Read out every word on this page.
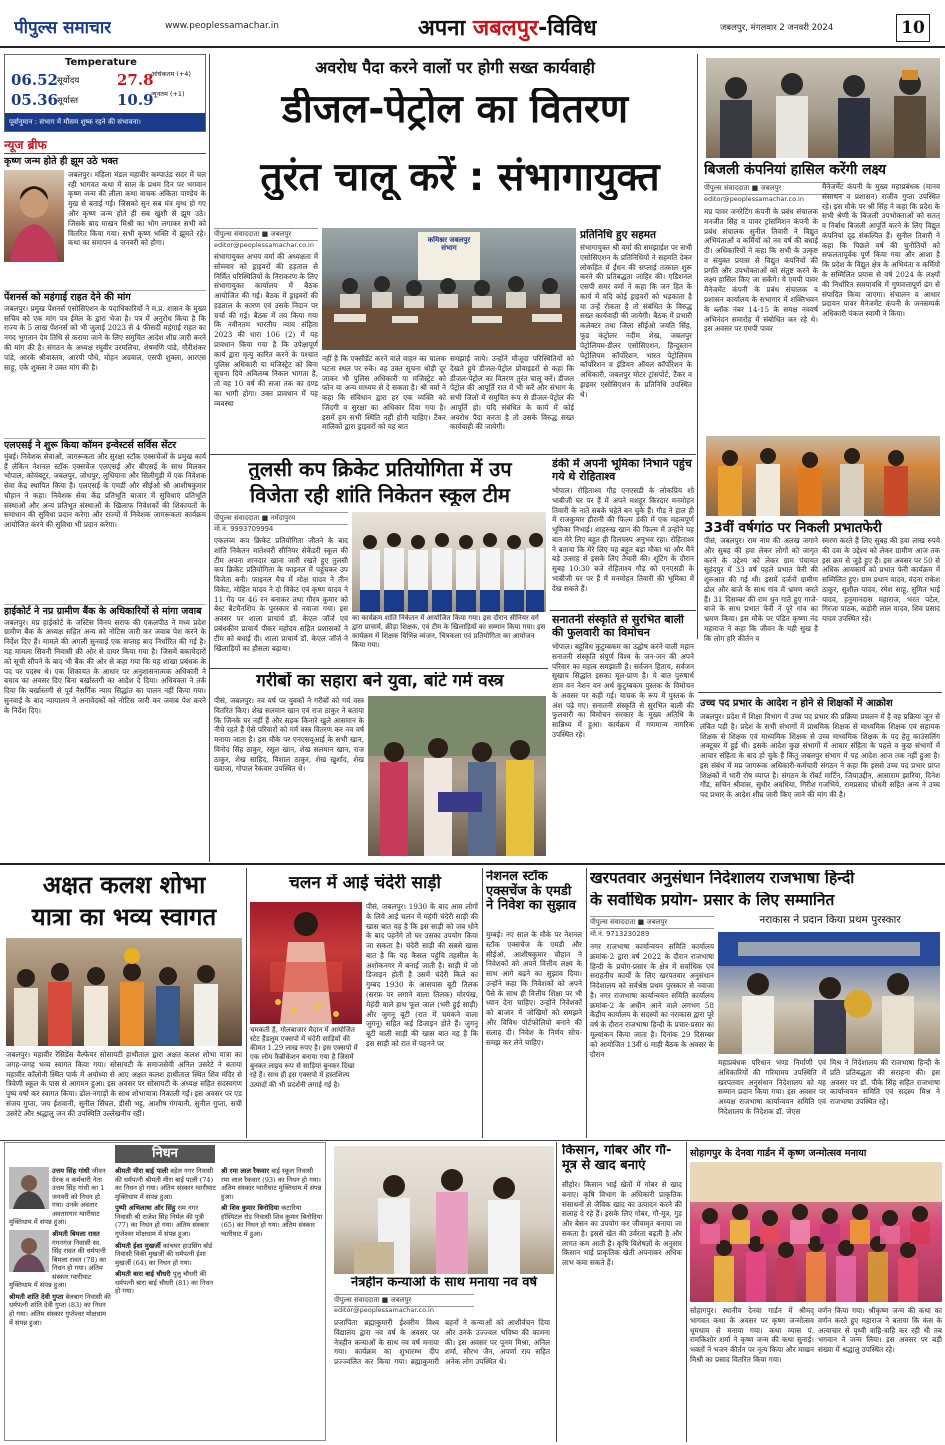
पीपुल्स समाचार	www.peoplessamachar.in	अपना जबलपुर-विविध	जबलपुर, मंगलवार 2 जनवरी 2024	10
Temperature
06.52 सूर्योदय
05.36 सूर्यास्त
27.8
अधिकतम (+4)
10.9
न्यूनतम (+1)
पूर्वानुमान : संभाग में मौसम शुष्क रहने की संभावना।
न्यूज ब्रीफ
कृष्ण जन्म होते ही झूम उठे भक्त
जबलपुर। महिला मंडल महावीर कम्पाउंड सदर में चल रही भागवत कथा में साल के प्रथम दिन पर भगवान कृष्ण जन्म की लीला कथा वाचक अंकिता पाण्डेय के मुख से बताई गई। जिसको सुन सब मंत्र मुग्ध हो गए और कृष्ण जन्म होते ही सब खुशी से झूम उठे। जिसके बाद माखन मिश्री का भोग लगाकर सभी को वितरित किया गया। सभी कृष्ण भक्ति में झूमते रहे। कथा का समापन 4 जनवरी को होगा।
पेंशनर्स को महंगाई राहत देने की मांग
जबलपुर। प्रमुख पेंशनर्स एसोसिएशन के पदाधिकारियों ने म.प्र. शासन के मुख्य सचिव को एक मांग पत्र ईमेल के द्वारा भेजा है। पत्र में अनुरोध किया है कि राज्य के 5 लाख पेंशनर्स को भी जुलाई 2023 से 4 फीसदी महंगाई राहत का नगद भुगतान देय तिथि से कराया जाने के लिए समुचित आदेश शीघ्र जारी करने की मांग की है। संगठन के अध्यक्ष रघुवीर उरमलिया, शेषमणि पांडे, गौरीशंकर पांडे, आरके श्रीवास्तव, आरपी पौधे, मोहन अग्रवाल, एसपी शुक्ला, आरएस साहू, एके शुक्ला ने उक्त मांग की है।
एलएसई ने शुरू किया कॉमन इन्वेस्टर्स सर्विस सेंटर
मुंबई। निवेशक सेवाओं, जागरूकता और सुरक्षा स्टॉक एक्सचेंजों के प्रमुख कार्य हैं लेकिन नेशनल स्टॉक एक्सचेंज एलएसई और बीएसई के साथ मिलकर भोपाल, कोयंबटूर, जबलपुर, जोधपुर, लुधियाना और सिलीगुड़ी में एक निवेशक सेवा केंद्र स्थापित किया है। एलएसई के एमडी और सीईओ श्री आशीषकुमार चौहान ने कहा। निवेशक सेवा केंद्र प्रतिभूति बाजार में सुविधाएं प्रतिभूति संस्थाओं और अन्य प्रतिभूत संस्थाओं के खिलाफ निवेशकों की शिकायतों के समाधान की सुविधा प्रदान करेगा और राज्यों में निवेशक जागरूकता कार्यक्रम आयोजित करने की सुविधा भी प्रदान करेगा।
हाईकोर्ट ने नप्र ग्रामीण बैंक के अधिकारियों से मांगा जवाब
जबलपुर। मप्र हाईकोर्ट के जस्टिस विनय सराफ की एकलपीठ ने मध्य प्रदेश ग्रामीण बैंक के अध्यक्ष सहित अन्य को नोटिस जारी कर जवाब पेश करने के निर्देश दिए हैं। मामले की अगली सुनवाई एक सप्ताह बाद निर्धारित की गई है। यह मामला सिवनी निवासी की ओर से दायर किया गया है। जिसमें बकायेदारों को सूची सौंपने के बाद भी बैंक की ओर से कहा गया कि यह शाखा प्रबंधक के पद पर पदस्थ थे। एक शिकायत के आधार पर अनुशासनात्मक अधिकारी ने बचाव का अवसर दिए बिना बर्खास्तगी का आदेश दे दिया। अधिवक्ता ने तर्क दिया कि बर्खास्तगी से पूर्व नैसर्गिक न्याय सिद्धांत का पालन नहीं किया गया। सुनवाई के बाद न्यायालय ने अनावेदकों को नोटिस जारी कर जवाब पेश करने के निर्देश दिए।
अवरोध पैदा करने वालों पर होगी सख्त कार्यवाही
डीजल-पेट्रोल का वितरण
तुरंत चालू करें : संभागायुक्त
पीपुल्स संवाददाता ■ जबलपुर
editor@peoplessamachar.co.in
कमिश्नर जबलपुर संभाग
संभागायुक्त अभय वर्मा की अध्यक्षता में सोमवार को ड्राइवरों की हड़ताल से निर्मित परिस्थितियों के निराकरण के लिए संभागायुक्त कार्यालय में बैठक आयोजित की गई। बैठक में ड्राइवरों की हड़ताल के कारण एवं उसके निदान पर चर्चा की गई। बैठक में तय किया गया कि नवीनतम भारतीय न्याय संहिता 2023 की धारा 106 (2) में यह प्रावधान किया गया है कि उपेक्षापूर्ण कार्य द्वारा मृत्यु कारित करने के पश्चात पुलिस अधिकारी या मजिस्ट्रेट को बिना सूचना दिये अविलम्ब निकल भागता है, तो वह 10 वर्ष की सजा तक का दण्ड का भागी होगा। उक्त प्रावधान में यह व्यवस्था
नहीं है कि एक्सीडेंट करने वाले वाहन का चालक घटना स्थल पर रुके। वह उक्त सूचना थोड़ी दूर जाकर भी पुलिस अधिकारी या मजिस्ट्रेट को फोन या अन्य माध्यम से दे सकता है। श्री वर्मा ने कहा कि संविधान द्वारा हर एक व्यक्ति को जिंदगी व सुरक्षा का अधिकार दिया गया है। इसमें हम सभी स्थिति नहीं होनी चाहिए। टैंकर मालिकों द्वारा ड्राइवरों को यह बात
समझाई जाये। उन्होंने मौजूदा परिस्थितियों को देखते हुये डीजल-पेट्रोल प्रोवाइडरों से कहा कि डीजल-पेट्रोल का वितरण तुरंत चालू करें। डीजल पेट्रोल की आपूर्ति रात में भी करें और संभाग के सभी जिलों में समुचित रूप से डीजल-पेट्रोल की आपूर्ति हो। यदि संबंधित के कार्य में कोई अवरोध पैदा करता है तो उसके विरुद्ध सख्त कार्यवाही की जायेगी।
प्रतिनिधि हुए सहमत
संभागायुक्त श्री वर्मा की समझाईश पर सभी एसोसिएशन के प्रतिनिधियों ने सहमति देकर लोकहित में ईंधन की सप्लाई तत्काल शुरू करने की प्रतिबद्धता जाहिर की। एडिशनल एसपी समर वर्मा ने कहा कि जन हित के कार्य में यदि कोई ड्राइवरों को भड़काता है या उन्हें रोकता है तो संबंधित के विरुद्ध सख्त कार्यवाही की जायेगी। बैठक में प्रभारी कलेक्टर तथा जिला सीईओ जयति सिंह, फूड कंट्रोलर नदीम शेख, जबलपुर पेट्रोलियम-डीलर एसोसिएशन, हिन्दुस्तान पेट्रोलियम कॉर्पोरेशन, भारत पेट्रोलियम कॉर्पोरेशन व इंडियन ऑयल कॉर्पोरेशन के अधिकारी, जबलपुर मोटर ट्रांसपोर्ट, टैंकर व ड्राइवर एसोसिएशन के प्रतिनिधि उपस्थित थे।
बिजली कंपनियां हासिल करेंगी लक्ष्य
पीपुल्स संवाददाता ■ जबलपुर
editor@peoplessamachar.co.in
मप्र पावर जनरेटिंग कंपनी के प्रबंध संचालक मनजीत सिंह व पावर ट्रांसमिशन कंपनी के प्रबंध संचालक सुनील तिवारी ने विद्युत अभियंताओं व कर्मियों को नव वर्ष की बधाई दी। अधिकारियों ने कहा कि सभी के उत्कृष्ट व संयुक्त प्रयास से विद्युत कंपनियों की प्रगति और उपभोक्ताओं को संतुष्ट करने के लक्ष्य हासिल किए जा सकेंगे। ये एमपी पावर मैनेजमेंट कंपनी के प्रबंध संचालक व प्रशासन कार्यालय के सभागार में शक्तिभवन के ब्लॉक नंबर 14-15 के समक्ष नववर्ष अभिनंदन समारोह में संबोधित कर रहे थे। इस अवसर पर एमपी पावर
मैनेजमेंट कंपनी के मुख्य महाप्रबंधक (मानव संसाधन व प्रशासन) राजीव गुप्ता उपस्थित रहे। इस मौके पर श्री सिंह ने कहा कि प्रदेश के सभी श्रेणी के बिजली उपभोक्ताओं को सतत् व निर्बाध बिजली आपूर्ति करने के लिए विद्युत कंपनियां दृढ़ संकल्पित हैं। सुनील तिवारी ने कहा कि पिछले वर्ष की चुनौतियों को सफलतापूर्वक पूर्ण किया गया और आशा है कि प्रदेश के विद्युत क्षेत्र के अभियंता व कर्मियों के सम्मिलित प्रयास से वर्ष 2024 के लक्ष्यों की निर्धारित समयावधि में गुणवत्तापूर्ण ढंग से संपादित किया जाएगा। संचालन व आधार प्रदायन पावर मैनेजमेंट कंपनी के जनसम्पर्क अधिकारी पंकज स्वामी ने किया।
33वीं वर्षगांठ पर निकली प्रभातफेरी
पीसं, जबलपुर। राम नाम की अलख जगाने और सुबह की हवा लेकर लोगों को जागृत करने के उद्देश्य को लेकर ग्राम पंचायत सुहंदपुर में 33 वर्ष पहले प्रभात फेरी की शुरुआत की गई थी। इसमें दर्जनों ग्रामीण ढोल और बाजे के साथ गांव में भ्रमण करते हैं। 31 दिसम्बर की राम धुन गाते हुए गाजे-बाजे के साथ प्रभात फेरी ने पूरे गांव का भ्रमण किया। इस मौके पर पंडित कृष्णा नंद महाराज ने कहा कि जीवन के यही सुख है कि लोग हरि कीर्तन व
स्मरण करते हैं लिए सुबह की हवा लाख रुपये की दवा के उद्देश्य को लेकर ग्रामीण आज तक इस क्रम से जुड़े हुए हैं। इस अवसर पर 50 से अधिक आयकार्य को प्रभात फेरी कार्यक्रम में सम्मिलित हुए। ग्राम प्रधान यादव, वंदना राकेश ठाकुर, सुशील यादव, रमेश साहू, सुमित भाई यादव, हनुमानदास महाराज, भरत पटेल, गिरजा पाठक, कड़ोरी लाल यादव, शिव प्रसाद यादव उपस्थित रहे।
तुलसी कप क्रिकेट प्रतियोगिता में उप
विजेता रही शांति निकेतन स्कूल टीम
पीपुल्स संवाददाता ■ नर्मदापुरम
मो.नं. 9993709994
एकलव्य कप क्रिकेट प्रतियोगिता जीतने के बाद शांति निकेतन मातेश्वरी सीनियर सेकेंडरी स्कूल की टीम अपना शानदार खाना जारी रखते हुए तुलसी कप क्रिकेट प्रतियोगिता के फाइनल में पहुंचकर उप विजेता बनी। फाइनल मैच में मोक्ष यादव ने तीन विकेट, मोहित यादव ने दो विकेट एवं कृष्ण यादव ने 11 गेंद पर 46 रन बनाकर तथा गौरव कुमार को बेस्ट बैटमैनशिप के पुरस्कार से नवाजा गया। इस अवसर पर शाला प्राचार्य डॉ. केएल जॉर्ज एवं प्रबंधकीय प्राचार्य पीकर महोदय सहित प्रशासकों ने टीम को बधाई दी। शाला प्राचार्य डॉ. केएल जॉर्ज ने खिलाड़ियों का हौसला बढ़ाया।
का कार्यक्रम शांति निकेतन में आयोजित किया गया। इस दौरान सीनियर वर्ग द्वारा प्राचार्य, क्रीड़ा शिक्षक, एवं टीम के खिलाड़ियों का सम्मान किया गया। इस कार्यक्रम में शिक्षक विभिन्न व्यंजन, चित्रकला एवं प्रतियोगिता का आयोजन किया गया।
डंकी में अपनी भूमिका निभाने पहुंच गये थे रोहिताश्व
भोपाल। रोहिताश्व गौड़ एनएसडी के लोकप्रिय शो भाबीजी घर पर हैं में अपने मशहूर किरदार मनमोहन तिवारी के नाते सबके चहेते बन चुके हैं। गौड़ ने हाल ही में राजकुमार हीरानी की फिल्म डंकी में एक महत्वपूर्ण भूमिका निभाई। शाहरुख खान की फिल्म में उन्होंने यह बात मेरे लिए बहुत ही दिलचस्प अनुभव रहा। रोहिताश्व ने बताया कि मेरे लिए यह बहुत बड़ा मौका था और मैंने बड़े उत्साह से इसके लिए तैयारी की। शूटिंग के दौरान सुबह 10:30 बजे रोहिताश्व गौड़ को एनएसडी के भाबीजी घर पर हैं में मनमोहन तिवारी की भूमिका में देख सकते हैं।
सनातनी संस्कृति से सुरभित बाली की फुलवारी का विमोचन
भोपाल। बहुविध कुटुम्बकम का उद्घोष करने वाली महान सनातनी संस्कृति संपूर्ण विश्व के जन-जन की अपने परिवार का महत्व समझाती है। सर्वजन हिताय, सर्वजन सुखाय सिद्धांत इसका मूल-प्राण है। ये बात पुरुषार्थ शाम वन नेशन वन अर्थ कुटुम्बकम पुस्तक के विमोचन के अवसर पर कही गई। याचक के रूप में पुस्तक के अंश पढ़े गए। सनातनी संस्कृति से सुरभित बाली की फुलवारी का विमोचन सरकार के मुख्य अतिथि के सान्निध्य में हुआ। कार्यक्रम में गणमान्य नागरिक उपस्थित रहे।
गरीबों का सहारा बने युवा, बांटे गर्म वस्त्र
पीसं, जबलपुर। नव वर्ष पर युवकों ने गरीबों को गर्म वस्त्र वितरित किए। शेख सलमान खान एवं राज ठाकुर ने बताया कि जिनके घर नहीं हैं और सड़क किनारे खुले आसमान के नीचे रहते हैं ऐसे परिवारों को गर्म वस्त्र वितरण कर नव वर्ष मनाया जाता है। इस मौके पर एनएसयूआई के सभी खान, विनोद सिंह ठाकुर, रसूल खान, शेख सलमान खान, राज ठाकुर, शेख साहिद, विशाल ठाकुर, शेख खुर्शाद, शेख ख्वाजा, गोपाल रैकवार उपस्थित थे।
उच्च पद प्रभार के आदेश न होने से शिक्षकों में आक्रोश
जबलपुर। प्रदेश में शिक्षा विभाग में उच्च पद प्रभार की प्रक्रिया प्रचलन में है वह प्रक्रिया जून से लंबित पड़ी है। प्रदेश के सभी संभागों में प्राथमिक शिक्षक से माध्यमिक शिक्षक एवं सहायक शिक्षक से शिक्षक एवं माध्यमिक शिक्षक से उच्च माध्यमिक शिक्षक के पद हेतु काउंसलिंग अक्टूबर में हुई थी। इसके आदेश कुछ संभागों में आचार संहिता के पहले व कुछ संभागों में आचार संहिता के बाद हो चुके हैं किंतु जबलपुर संभाग में यह आदेश आज तक नहीं हुआ है। इस संबंध में मप्र जागरूक अधिकारी-कर्मचारी संगठन ने कहा कि इससे उच्च पद प्रभार प्राप्त शिक्षकों में भारी रोष व्याप्त है। संगठन के रॉबर्ट मार्टिन, जियाउद्दीन, आसाराम झारिया, दिनेश गौंड, सचिन श्रीवास, सुधीर अवधिया, गिरीश गजभिये, रामप्रसाद चौधरी सहित अन्य ने उच्च पद प्रभार के आदेश शीघ्र जारी किए जाने की मांग की है।
अक्षत कलश शोभा
यात्रा का भव्य स्वागत
जबलपुर। महावीर रेसिडेंस वैल्फेयर सोसायटी हाथीताल द्वारा अक्षत कलश शोभा यात्रा का जगह-जगह भव्य स्वागत किया गया। सोसायटी के समाजसेवी अनिल उसरेटे ने बताया महावीर कॉलोनी स्थित पार्क में अयोध्या से आए अक्षत कलश हाथीताल स्थित शिव मंदिर से त्रिवेणी स्कूल के पास से आगमन हुआ। इस अवसर पर सोसायटी के अध्यक्ष सहित सदस्यगण पुष्प वर्षा कर स्वागत किया। ढोल-नगाड़ों के साथ शोभायात्रा निकाली गई। इस अवसर पर एड संजय गुप्ता, जय ईशवानी, सुनील सिंघल, डीसी भट्ट, आशीष गंगवानी, सुनील गुप्ता, सची उसरेटे और श्रद्धालु जन की उपस्थिति उल्लेखनीय रही।
चलन में आई चंदेरी साड़ी
पीसं, जबलपुर। 1930 के बाद आम लोगों के लिये आई चलन में महंगी चंदेरी साड़ी की खास बात यह है कि इस साड़ी को जब धोने के बाद पहनेंगे तो घर उसका उपयोग किया जा सकता है। चंदेरी साड़ी की सबसे खास बात है कि यह कैसल पहुंचि तहसील के अशोकनगर में बनाई जाती है। साड़ी में जो डिजाइन होती है उसमें चंदेरी किले का गुम्बद 1930 के आसपास बूटी तिलक (सरफ़ पर लगाने वाला तिलक) मोरपंख, मेहंदी वाले हाथ फूल जाल (भरी हुई साड़ी) और जुगनू बूटी (रात में चमकने वाला जुगनू) सहित कई डिजाइन होते हैं। जुगनू बूटी वाली साड़ी की खास बात यह है कि इस साड़ी को रात में पहनने पर
चमकती है, गोलबाजार मैदान में आयोजित स्टेट हैंडलूम एक्सपो में चंदेरी साड़ियों की कीमत 1.29 लाख रुपए है। इस एक्सपो में एक लोम फैब्रीकेशन बनाया गया है जिसमें बुनकर लाइव रूप से साड़ियां बुनकर दिखा रहे हैं। साथ ही इस एक्सपो में हस्तशिल्प उत्पादों की भी प्रदर्शनी लगाई गई है।
नेशनल स्टॉक एक्सचेंज के एमडी ने निवेश का सुझाव
मुम्बई। नए साल के मौके पर नेशनल स्टॉक एक्सचेंज के एमडी और सीईओ, आशीषकुमार चौहान ने निवेशकों को अपने वित्तीय लक्ष्य के साथ आगे बढ़ने का सुझाव दिया। उन्होंने कहा कि निवेशकों को अपने पैसे के साथ ही वित्तीय शिक्षा पर भी ध्यान देना चाहिए। उन्होंने निवेशकों को बाजार में जोखिमों को समझने और विविध पोर्टफोलियो बनाने की सलाह दी। निवेश के निर्णय सोच-समझ कर लेने चाहिए।
खरपतवार अनुसंधान निदेशालय राजभाषा हिन्दी
के सर्वाधिक प्रयोग- प्रसार के लिए सम्मानित
पीपुल्स संवाददाता ■ जबलपुर
मो.नं. 9713230289
नराकास ने प्रदान किया प्रथम पुरस्कार
नगर राजभाषा कार्यान्वयन समिति कार्यालय क्रमांक-2 द्वारा वर्ष 2022 के दौरान राजभाषा हिन्दी के प्रयोग-प्रसार के क्षेत्र में सर्वाधिक एवं सराहनीय कार्यों के लिए खरपतवार अनुसंधान निदेशालय को सर्वश्रेष्ठ प्रथम पुरस्कार से नवाजा है। नगर राजभाषा कार्यान्वयन समिति कार्यालय क्रमांक-2 के अधीन आने वाले लगभग 58 केंद्रीय कार्यालय के सदस्यों का नराकास द्वारा पूरे वर्ष के दौरान राजभाषा हिन्दी के प्रचार-प्रसार का मूल्यांकन किया जाता है। दिनांक 29 दिसम्बर को आयोजित 13वीं 6 माही बैठक के अवसर के दौरान
महाप्रबंधक परिधान भण्ड निर्माणी एवं अधिकारियों की गरिमामय उपस्थिति में खरपतवार अनुसंधान निदेशालय को यह सम्मान प्रदान किया गया। इस अवसर पर अध्यक्ष राजभाषा कार्यान्वयन समिति एवं निदेशालय के निदेशक डॉ. जेएस
मिश्र ने निदेशालय की राजभाषा हिन्दी के प्रति प्रतिबद्धता की सराहना की। इस अवसर पर डॉ. पीके सिंह सहित राजभाषा कार्यान्वयन समिति एवं सदस्य मिश्र ने राजभाषा उपस्थित रहे।
निधन
उत्तम सिंह गांधी जीवन प्रेरक व कर्मचारी नेता उत्तम सिंह गांधी का 1 जनवरी को निधन हो गया। उनके अवतार अवतारगार ग्वारीघाट मुक्तिधाम में संपन्न हुआ।
श्रीमती बिमला रावत गंगनगंज निवासी स्व. सिंह रावत की धर्मपत्नी बिमला रावत (78) का निधन हो गया। अंतिम संस्कार ग्वारीघाट मुक्तिधाम में संपन्न हुआ।
श्रीमती शांति देवी गुप्ता बेलबाग निवासी की धर्मपत्नी शांति देवी गुप्ता (83) का निधन हो गया। अंतिम संस्कार गुप्तेश्वर मोक्षधाम में संपन्न हुआ।
श्रीमती मीरा बाई पाली बड़ेल नगर निवासी की धर्मपत्नी श्रीमती मीरा बाई पाली (74) का निधन हो गया। अंतिम संस्कार ग्वारीघाट मुक्तिधाम में संपन्न हुआ।
पुष्पी अभिलाषा ऑर सिंहु राम नगर निवासी श्री राजेश सिंह निर्मल की पुत्री (77) का निधन हो गया। अंतिम संस्कार गुप्तेश्वर मोक्षधाम में संपन्न हुआ।
श्रीमती ईशा मुखर्जी कांचघर हाउसिंग बोर्ड निवासी विकी मुखर्जी की धर्मपत्नी ईशा मुखर्जी (64) का निधन हो गया।
श्रीमती बारा बाई चौधरी पुलु चौधरी की धर्मपत्नी बारा बाई चौधरी (81) का निधन हो गया।
श्री रमा लाल रैकवार बाई स्कूल निवासी रमा लाल रैकवार (93) का निधन हो गया। अंतिम संस्कार ग्वारीघाट मुक्तिधाम में संपन्न हुआ।
श्री शिव कुमार बिनोदिया कटारिया हॉस्पिटल रोड निवासी शिव कुमार बिनोदिया (65) का निधन हो गया। अंतिम संस्कार ग्वारीघाट में हुआ।
नेत्रहीन कन्याओं के साथ मनाया नव वर्ष
पीपुल्स संवाददाता ■ जबलपुर
editor@peoplessamachar.co.in
प्रजापिता ब्रह्माकुमारी ईश्वरीय विश्व विद्यालय द्वारा नव वर्ष के अवसर पर नेत्रहीन कन्याओं के साथ नव वर्ष मनाया गया। कार्यक्रम का शुभारम्भ दीप प्रज्ज्वलित कर किया गया। ब्रह्माकुमारी बहनों ने कन्याओं को आशीर्वचन दिया और उनके उज्ज्वल भविष्य की कामना की। इस अवसर पर पूनम मिश्रा, अनिल शर्मा, सौरभ जैन, अपर्णा राय सहित अनेक लोग उपस्थित थे।
किसान, गोबर और गौ-मूत्र से खाद बनाएं
सीहोर। किसान भाई खेतों में गोबर से खाद बनाए। कृषि विभाग के अधिकारी प्राकृतिक संसाधनों से जैविक खाद का उत्पादन करने की सलाह दे रहे हैं। इसके लिए गोबर, गौ-मूत्र, गुड़ और बेसन का उपयोग कर जीवामृत बनाया जा सकता है। इससे खेत की उर्वरता बढ़ती है और लागत कम आती है। कृषि विशेषज्ञों के अनुसार किसान भाई प्राकृतिक खेती अपनाकर अधिक लाभ कमा सकते हैं।
सोहागपुर के देनवा गार्डन में कृष्ण जन्मोत्सव मनाया
सोहागपुर। स्थानीय देनवा गार्डन में श्रीमद् भागवत कथा के अवसर पर कृष्ण जन्मोत्सव धूमधाम से मनाया गया। कथा व्यास पं. रामकिशोर शर्मा ने कृष्ण जन्म की कथा सुनाई। भक्तों ने भजन कीर्तन पर नृत्य किया और माखन मिश्री का प्रसाद वितरित किया गया।
वर्णन किया गया। श्रीकृष्ण जन्म की कथा का वर्णन करते हुए महाराज ने बताया कि कंस के अत्याचार से पृथ्वी त्राहि-त्राहि कर रही थी तब भगवान ने जन्म लिया। इस अवसर पर बड़ी संख्या में श्रद्धालु उपस्थित रहे।
